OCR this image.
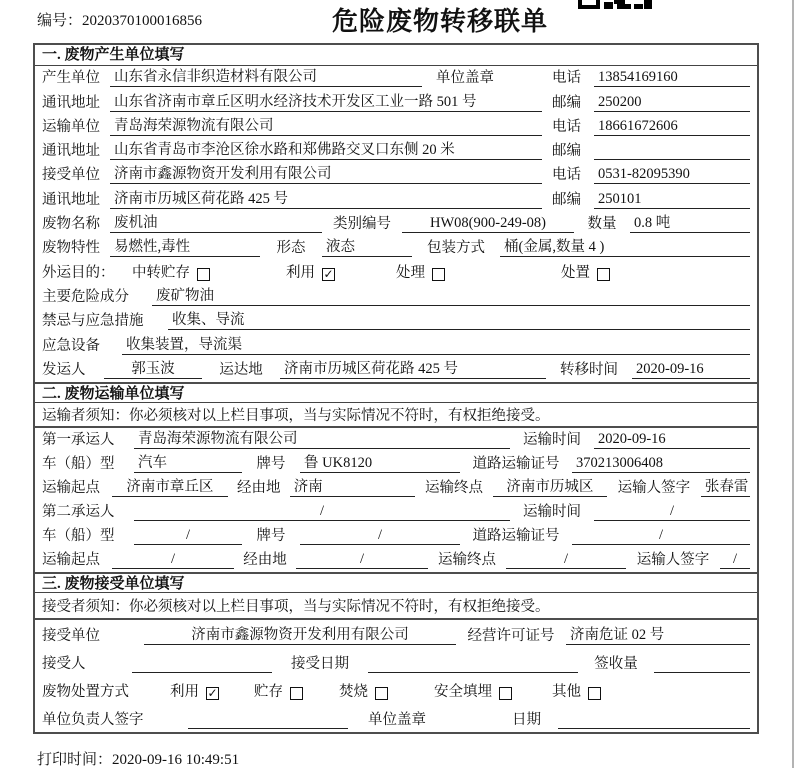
编号：2020370100016856	危险废物转移联单
一. 废物产生单位填写
产生单位 山东省永信非织造材料有限公司	单位盖章	电话	13854169160
通讯地址 山东省济南市章丘区明水经济技术开发区工业一路 501 号	邮编	250200
运输单位 青岛海荣源物流有限公司	电话	18661672606
通讯地址 山东省青岛市李沧区徐水路和郑佛路交叉口东侧 20 米	邮编
接受单位 济南市鑫源物资开发利用有限公司	电话	0531-82095390
通讯地址 济南市历城区荷花路 425 号	邮编	250101
废物名称 废机油	类别编号	HW08(900-249-08)	数量	0.8 吨
废物特性 易燃性,毒性	形态	液态	包装方式	桶(金属,数量 4 )
外运目的：	中转贮存	利用 ✓	处理	处置
主要危险成分	废矿物油
禁忌与应急措施	收集、导流
应急设备	收集装置，导流渠
发运人	郭玉波	运达地	济南市历城区荷花路 425 号	转移时间	2020-09-16
二. 废物运输单位填写
运输者须知：你必须核对以上栏目事项，当与实际情况不符时，有权拒绝接受。
第一承运人	青岛海荣源物流有限公司	运输时间	2020-09-16
车（船）型	汽车	牌号	鲁 UK8120	道路运输证号	370213006408
运输起点	济南市章丘区	经由地 济南	运输终点	济南市历城区	运输人签字	张春雷
第二承运人	/	运输时间	/
车（船）型	/	牌号	/	道路运输证号	/
运输起点	/	经由地	/	运输终点	/	运输人签字	/
三. 废物接受单位填写
接受者须知：你必须核对以上栏目事项，当与实际情况不符时，有权拒绝接受。
接受单位	济南市鑫源物资开发利用有限公司	经营许可证号	济南危证 02 号
接受人	接受日期	签收量
废物处置方式	利用 ✓	贮存	焚烧	安全填埋	其他
单位负责人签字	单位盖章	日期
打印时间：2020-09-16 10:49:51
